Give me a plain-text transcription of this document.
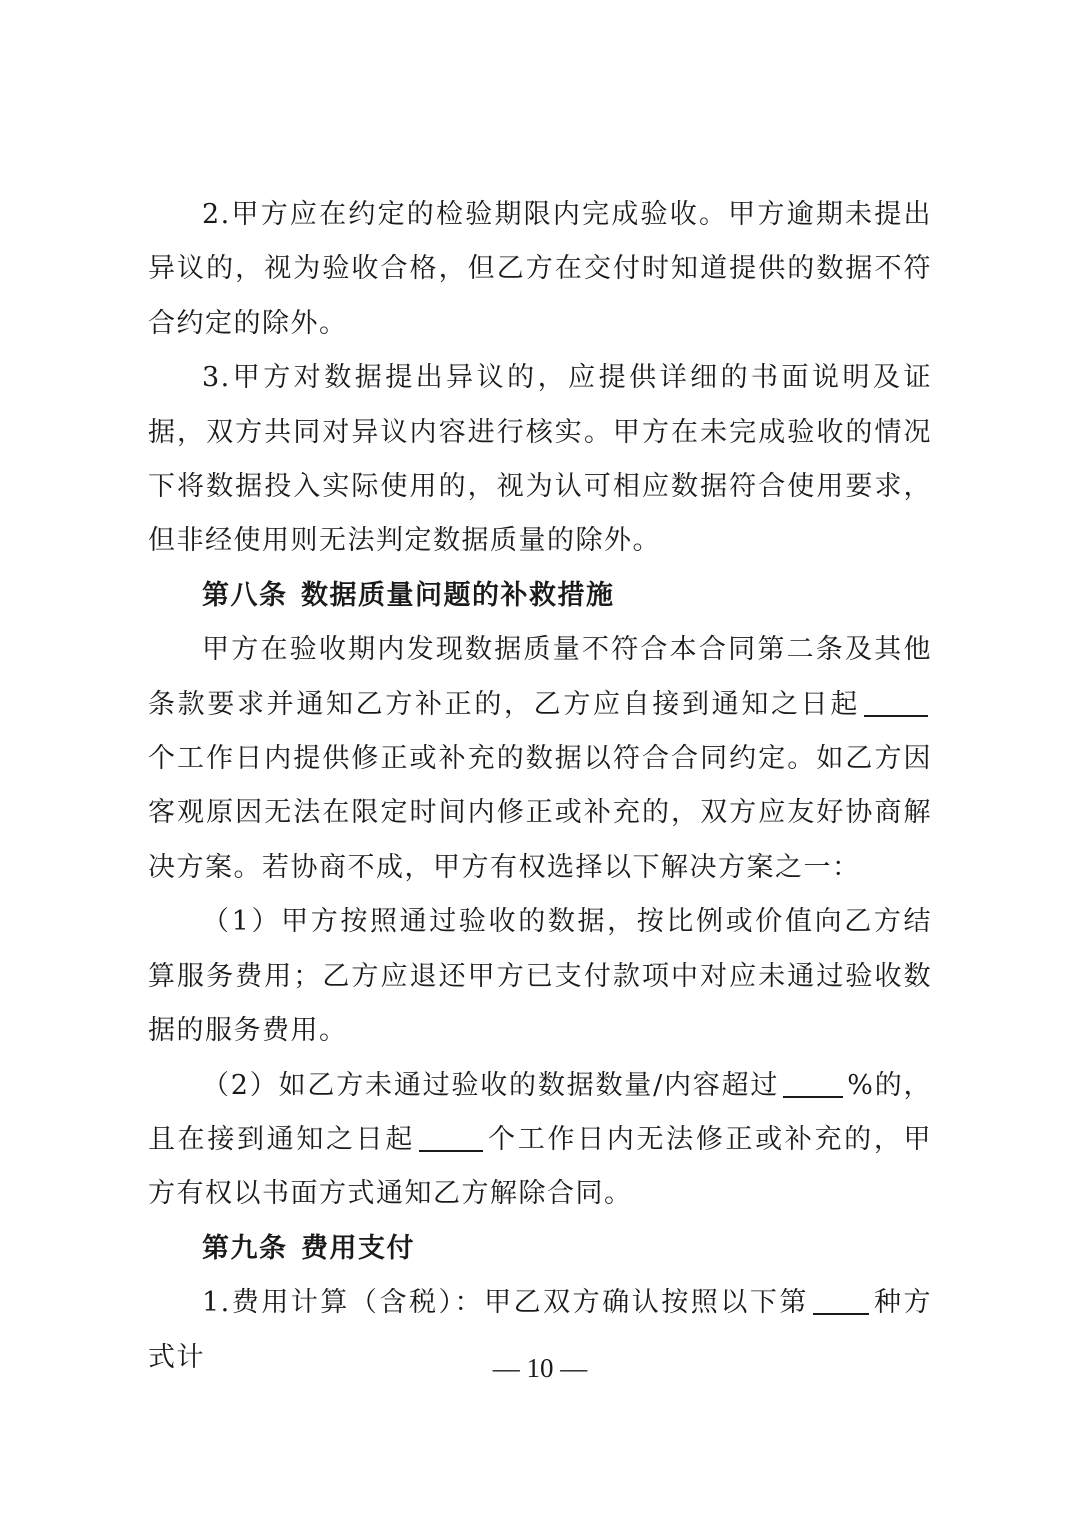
2.甲方应在约定的检验期限内完成验收。甲方逾期未提出异议的，视为验收合格，但乙方在交付时知道提供的数据不符合约定的除外。

3.甲方对数据提出异议的，应提供详细的书面说明及证据，双方共同对异议内容进行核实。甲方在未完成验收的情况下将数据投入实际使用的，视为认可相应数据符合使用要求，但非经使用则无法判定数据质量的除外。

第八条 数据质量问题的补救措施

甲方在验收期内发现数据质量不符合本合同第二条及其他条款要求并通知乙方补正的，乙方应自接到通知之日起个工作日内提供修正或补充的数据以符合合同约定。如乙方因客观原因无法在限定时间内修正或补充的，双方应友好协商解决方案。若协商不成，甲方有权选择以下解决方案之一：

（1）甲方按照通过验收的数据，按比例或价值向乙方结算服务费用；乙方应退还甲方已支付款项中对应未通过验收数据的服务费用。

（2）如乙方未通过验收的数据数量/内容超过	%的，且在接到通知之日起	个工作日内无法修正或补充的，甲方有权以书面方式通知乙方解除合同。

第九条 费用支付

1.费用计算（含税）：甲乙双方确认按照以下第 种方式计	— 10 —
